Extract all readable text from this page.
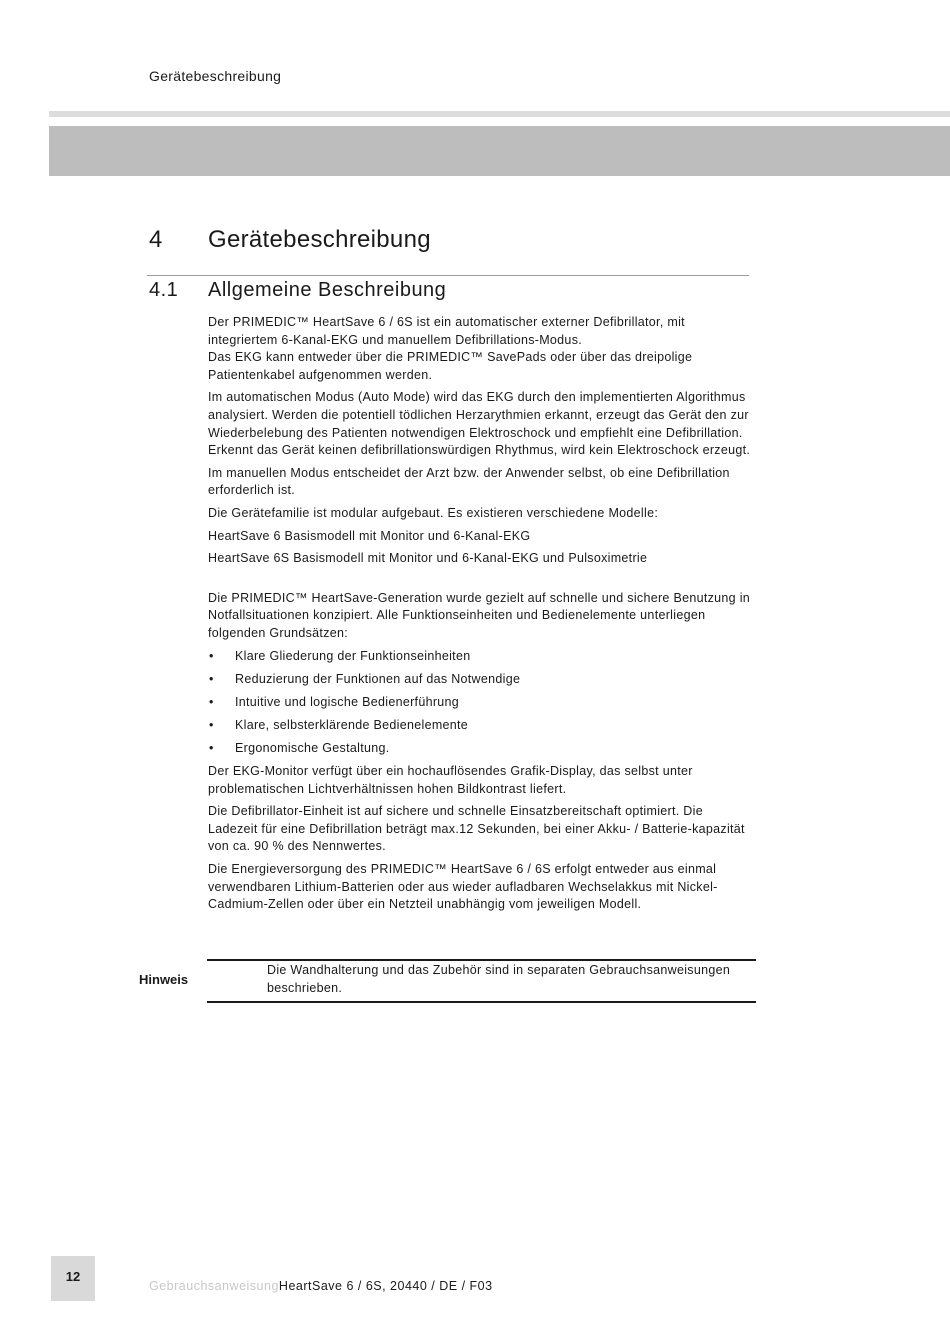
Gerätebeschreibung
4 Gerätebeschreibung
4.1 Allgemeine Beschreibung

Der PRIMEDIC™ HeartSave 6 / 6S ist ein automatischer externer Defibrillator, mit integriertem 6-Kanal-EKG und manuellem Defibrillations-Modus.
Das EKG kann entweder über die PRIMEDIC™ SavePads oder über das dreipolige Patientenkabel aufgenommen werden.

Im automatischen Modus (Auto Mode) wird das EKG durch den implementierten Algorithmus analysiert. Werden die potentiell tödlichen Herzarythmien erkannt, erzeugt das Gerät den zur Wiederbelebung des Patienten notwendigen Elektroschock und empfiehlt eine Defibrillation. Erkennt das Gerät keinen defibrillationswürdigen Rhythmus, wird kein Elektroschock erzeugt.

Im manuellen Modus entscheidet der Arzt bzw. der Anwender selbst, ob eine Defibrillation erforderlich ist.

Die Gerätefamilie ist modular aufgebaut. Es existieren verschiedene Modelle:

HeartSave 6 Basismodell mit Monitor und 6-Kanal-EKG

HeartSave 6S Basismodell mit Monitor und 6-Kanal-EKG und Pulsoximetrie

Die PRIMEDIC™ HeartSave-Generation wurde gezielt auf schnelle und sichere Benutzung in Notfallsituationen konzipiert. Alle Funktionseinheiten und Bedienelemente unterliegen folgenden Grundsätzen:

• Klare Gliederung der Funktionseinheiten
• Reduzierung der Funktionen auf das Notwendige
• Intuitive und logische Bedienerführung
• Klare, selbsterklärende Bedienelemente
• Ergonomische Gestaltung.

Der EKG-Monitor verfügt über ein hochauflösendes Grafik-Display, das selbst unter problematischen Lichtverhältnissen hohen Bildkontrast liefert.

Die Defibrillator-Einheit ist auf sichere und schnelle Einsatzbereitschaft optimiert. Die Ladezeit für eine Defibrillation beträgt max.12 Sekunden, bei einer Akku- / Batterie-kapazität von ca. 90 % des Nennwertes.

Die Energieversorgung des PRIMEDIC™ HeartSave 6 / 6S erfolgt entweder aus einmal verwendbaren Lithium-Batterien oder aus wieder aufladbaren Wechselakkus mit Nickel-Cadmium-Zellen oder über ein Netzteil unabhängig vom jeweiligen Modell.

Hinweis
Die Wandhalterung und das Zubehör sind in separaten Gebrauchsanweisungen beschrieben.
12
GebrauchsanweisungHeartSave 6 / 6S, 20440 / DE / F03
